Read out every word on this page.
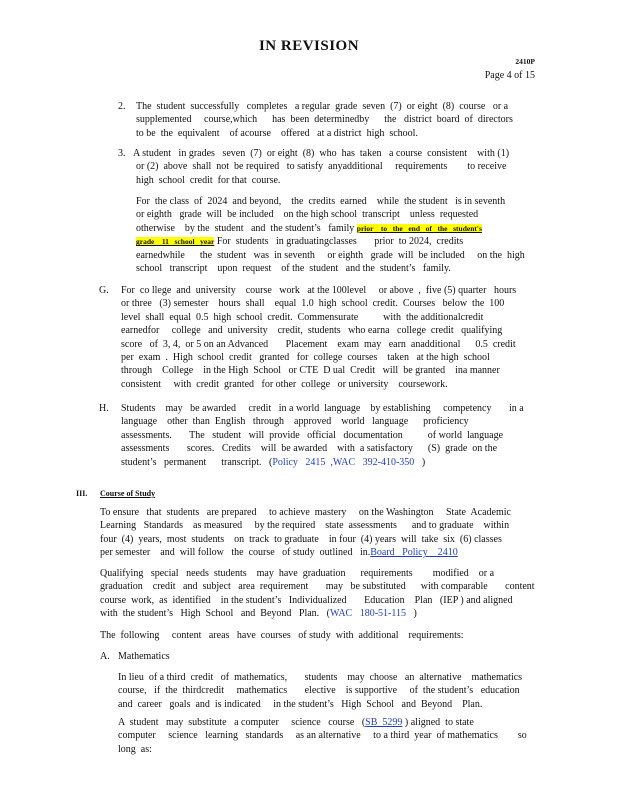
IN REVISION
2410P
Page 4 of 15
2. The  student  successfully   completes   a regular  grade  seven  (7)  or eight  (8)  course   or a
supplemented     course,which      has  been  determinedby      the   district  board  of  directors
to be  the  equivalent    of acourse    offered   at a district  high  school.
3. A student   in grades   seven  (7)  or eight  (8)  who  has  taken   a course  consistent    with (1)
or (2)  above  shall  not  be required   to satisfy  anyadditional     requirements        to receive
high  school  credit  for that  course.
For  the class  of  2024  and beyond,    the  credits  earned    while  the student   is in seventh
or eighth   grade  will  be included    on the high school  transcript    unless  requested
otherwise    by the  student   and  the student’s   family prior    to   the   end   of   the   student's
grade    11   school   year For  students   in graduatingclasses       prior  to 2024,  credits
earnedwhile      the  student   was  in seventh     or eighth   grade  will  be included     on the  high
school   transcript    upon  request    of the  student   and the  student’s   family.
G. For  co llege  and  university    course   work   at the 100level     or above  ,  five (5) quarter   hours
or three   (3) semester    hours  shall    equal  1.0  high  school  credit.  Courses   below  the  100
level  shall  equal  0.5  high  school  credit.  Commensurate          with  the additionalcredit
earnedfor     college   and  university    credit,  students   who earna   college  credit   qualifying
score   of  3, 4,  or 5 on an Advanced       Placement    exam  may   earn  anadditional      0.5  credit
per  exam  .  High  school  credit   granted   for  college  courses    taken   at the high  school
through    College    in the High  School   or CTE  D ual  Credit   will  be granted    ina manner
consistent     with  credit  granted   for other  college   or university    coursework.
H. Students    may   be awarded     credit   in a world  language    by establishing     competency       in a
language    other  than  English   through    approved    world   language      proficiency
assessments.       The   student   will  provide   official   documentation          of world  language
assessments       scores.   Credits    will  be awarded    with  a satisfactory      (S)  grade  on the
student’s   permanent      transcript.   (Policy   2415  ,WAC   392-410-350   )
III. Course of Study
To ensure   that  students   are prepared     to achieve  mastery     on the Washington     State  Academic
Learning   Standards    as measured     by the required    state  assessments      and to graduate    within
four  (4)  years,  most  students    on  track  to graduate    in four  (4) years  will  take  six  (6) classes
per semester    and  will follow   the  course   of study  outlined   in.Board   Policy    2410
Qualifying   special   needs  students    may  have  graduation      requirements        modified    or a
graduation    credit   and  subject   area  requirement       may   be substituted      with comparable       content
course  work,  as  identified    in the student’s   Individualized       Education    Plan   (IEP ) and aligned
with  the student’s   High  School   and  Beyond   Plan.   (WAC   180-51-115   )
The  following     content   areas   have  courses   of study  with  additional    requirements:
A. Mathematics
In lieu  of a third  credit   of  mathematics,       students    may  choose   an  alternative    mathematics
course,   if  the  thirdcredit     mathematics       elective    is supportive     of  the student’s   education
and  career   goals  and  is indicated     in the student’s   High  School   and  Beyond    Plan.
A  student   may  substitute   a computer     science   course   (SB  5299 ) aligned  to state
computer     science   learning   standards     as an alternative     to a third  year  of mathematics        so
long  as:
